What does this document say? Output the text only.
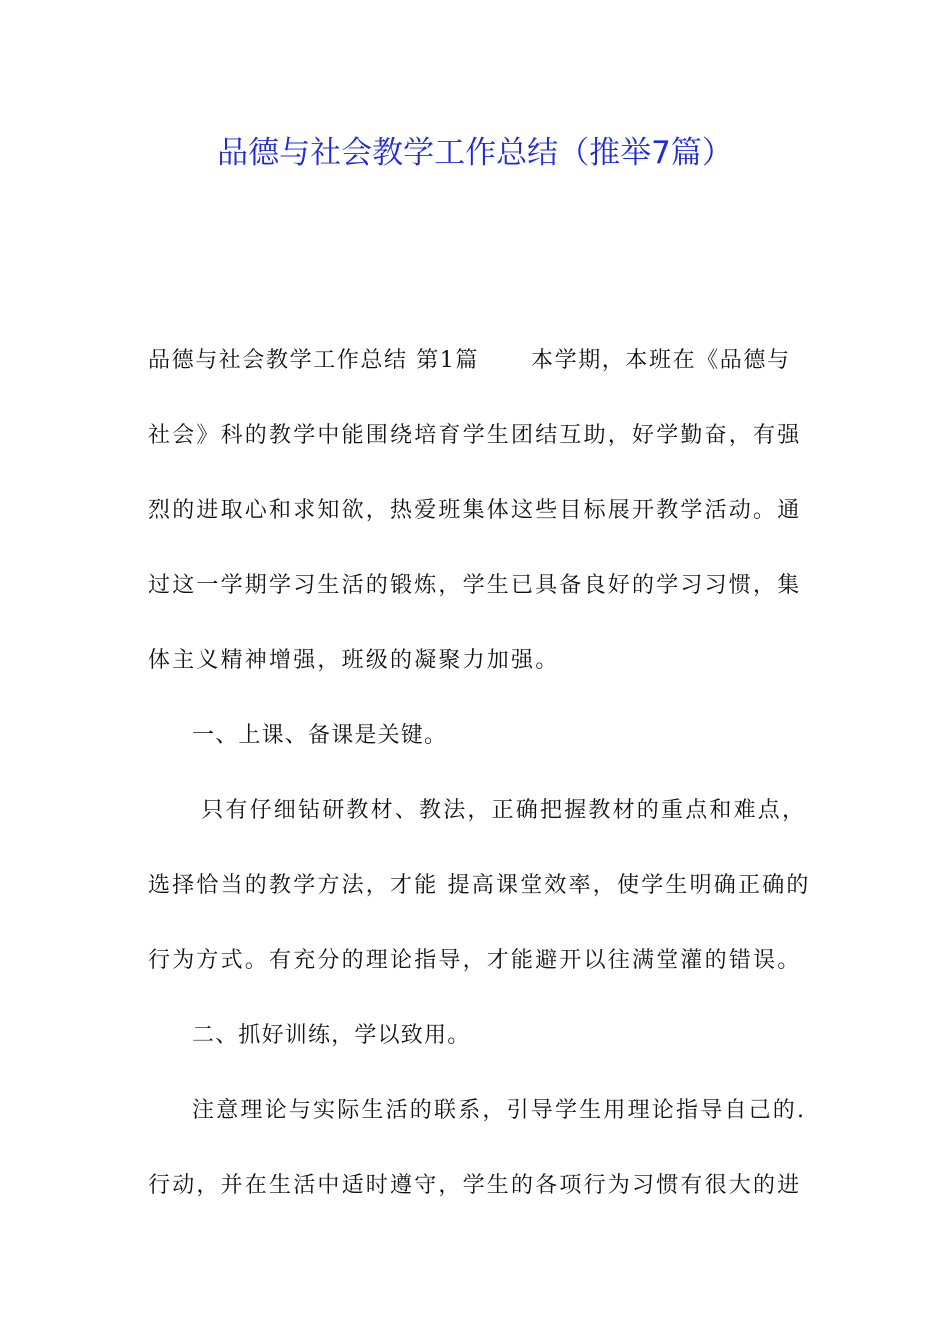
品德与社会教学工作总结（推举7篇）
品德与社会教学工作总结 第1篇 本学期，本班在《品德与
社会》科的教学中能围绕培育学生团结互助，好学勤奋，有强
烈的进取心和求知欲，热爱班集体这些目标展开教学活动。通
过这一学期学习生活的锻炼，学生已具备良好的学习习惯，集
体主义精神增强，班级的凝聚力加强。
一、上课、备课是关键。
只有仔细钻研教材、教法，正确把握教材的重点和难点，
选择恰当的教学方法，才能 提高课堂效率，使学生明确正确的
行为方式。有充分的理论指导，才能避开以往满堂灌的错误。
二、抓好训练，学以致用。
注意理论与实际生活的联系，引导学生用理论指导自己的.
行动，并在生活中适时遵守，学生的各项行为习惯有很大的进
